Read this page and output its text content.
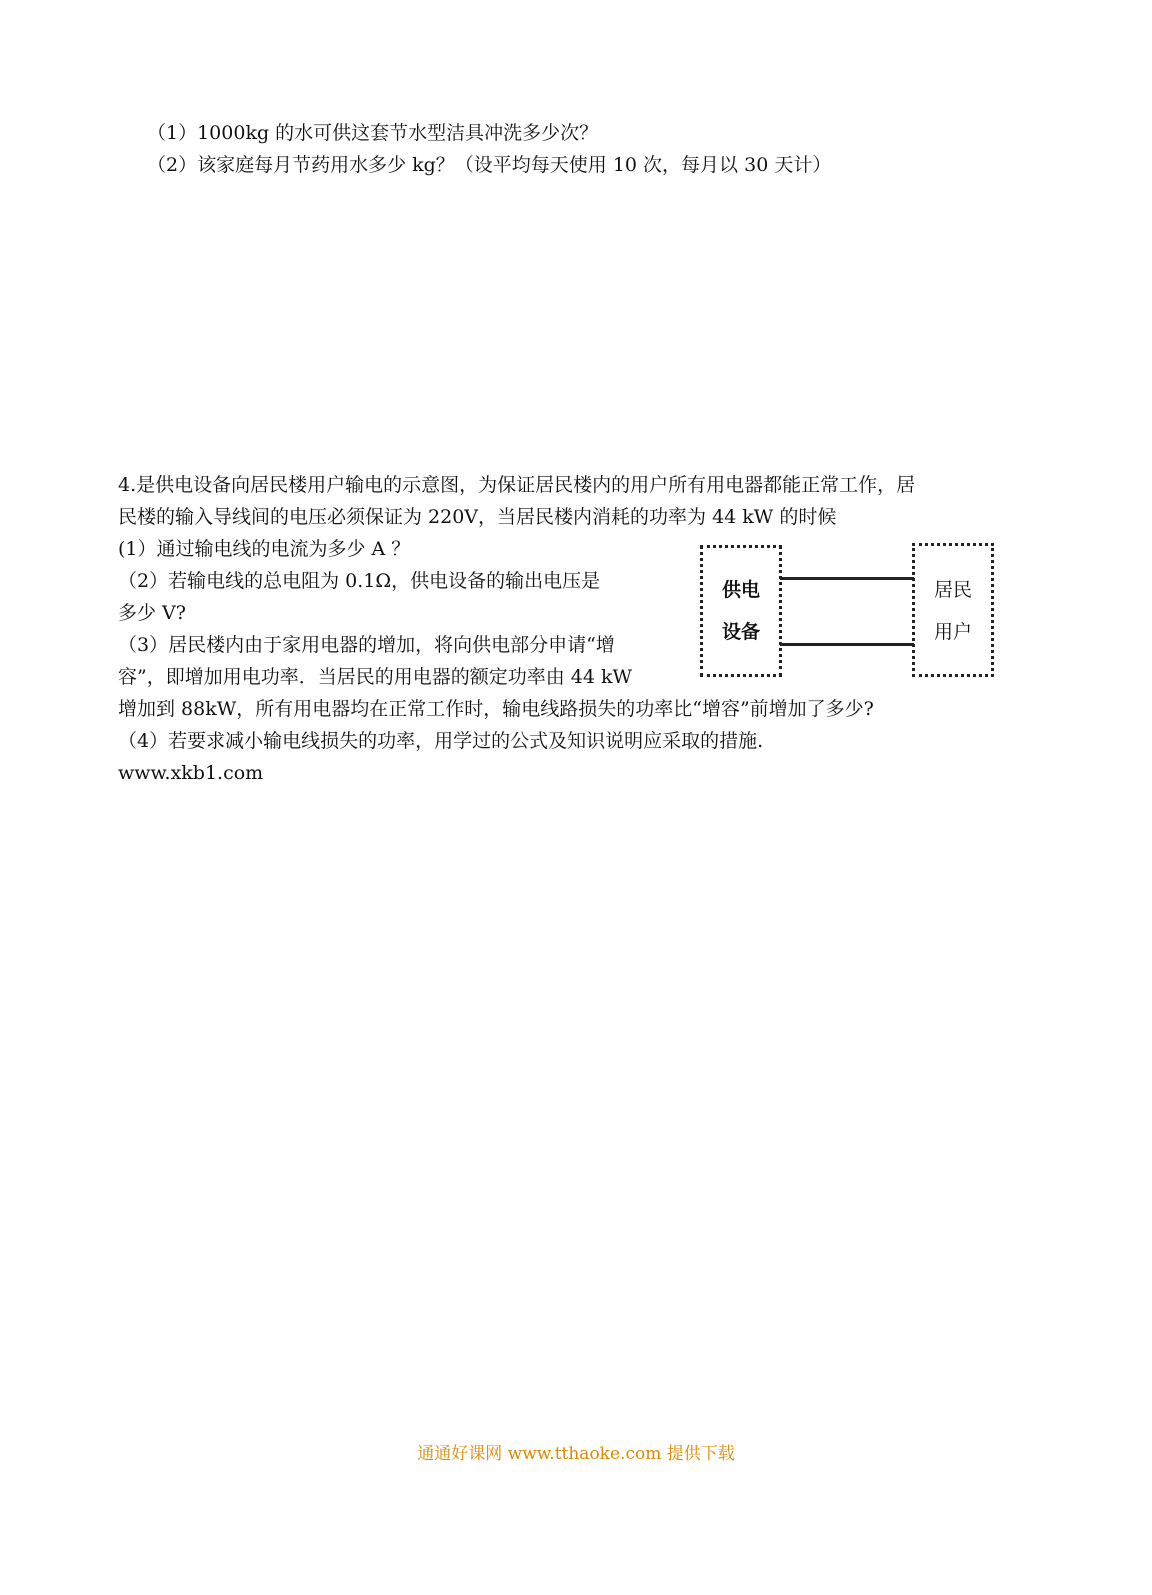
（1）1000kg 的水可供这套节水型洁具冲洗多少次？
（2）该家庭每月节药用水多少 kg？（设平均每天使用 10 次，每月以 30 天计）
4.是供电设备向居民楼用户输电的示意图，为保证居民楼内的用户所有用电器都能正常工作，居
民楼的输入导线间的电压必须保证为 220V，当居民楼内消耗的功率为 44 kW 的时候
(1）通过输电线的电流为多少 A ？
（2）若输电线的总电阻为 0.1Ω，供电设备的输出电压是
多少 V?
（3）居民楼内由于家用电器的增加，将向供电部分申请“增
容”，即增加用电功率．当居民的用电器的额定功率由 44 kW
增加到 88kW，所有用电器均在正常工作时，输电线路损失的功率比“增容”前增加了多少?
（4）若要求减小输电线损失的功率，用学过的公式及知识说明应采取的措施.
www.xkb1.com
供电
设备
居民
用户
通通好课网 www.tthaoke.com 提供下载
